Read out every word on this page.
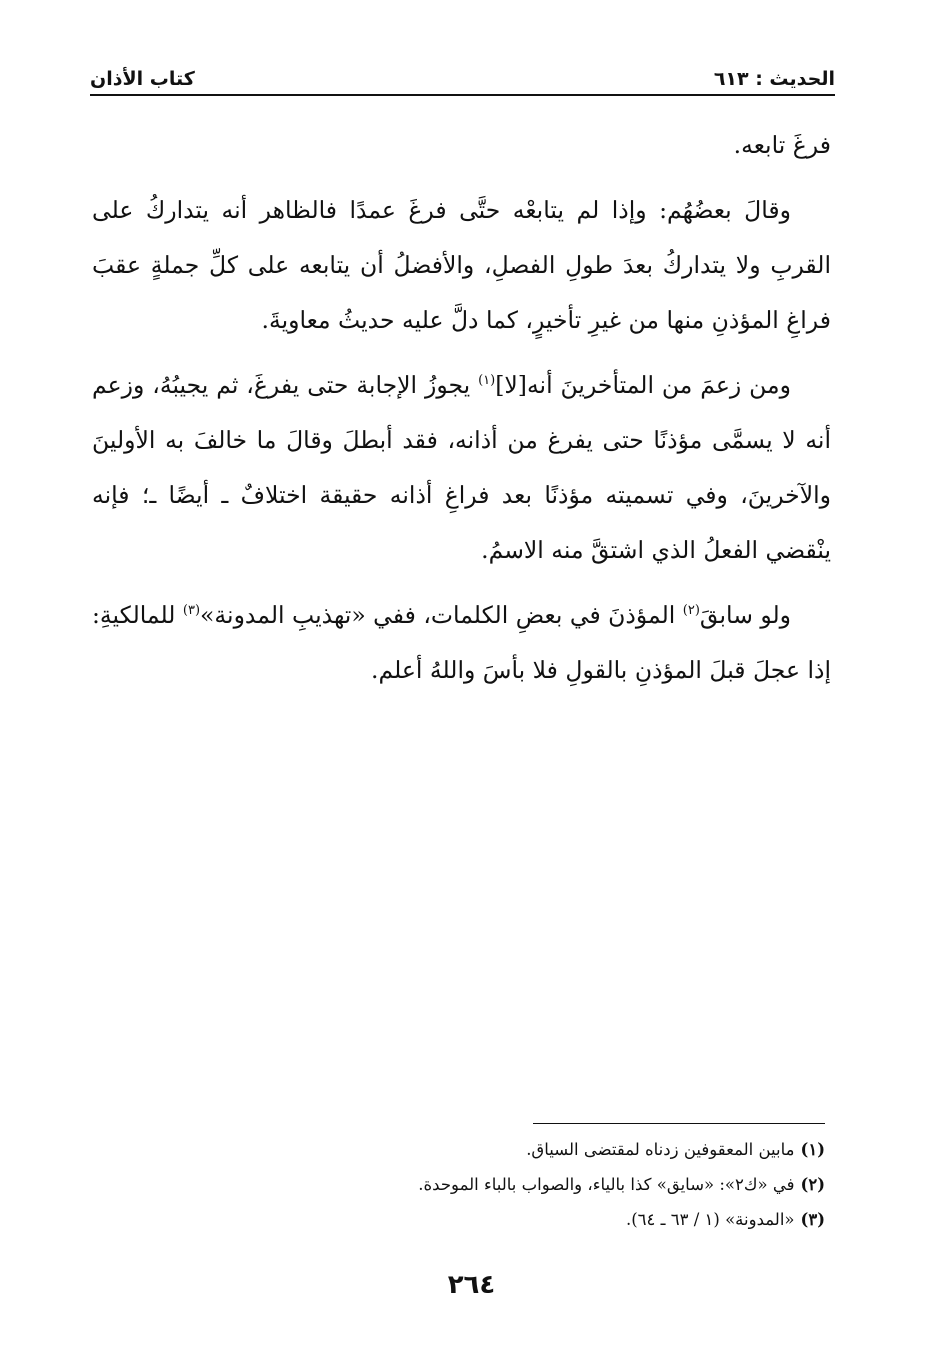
الحديث : ٦١٣
كتاب الأذان

فرغَ تابعه.

وقالَ بعضُهُم: وإذا لم يتابعْه حتَّى فرغَ عمدًا فالظاهر أنه يتداركُ على القربِ ولا يتداركُ بعدَ طولِ الفصلِ، والأفضلُ أن يتابعه على كلِّ جملةٍ عقبَ فراغِ المؤذنِ منها من غيرِ تأخيرٍ، كما دلَّ عليه حديثُ معاويةَ.

ومن زعمَ من المتأخرينَ أنه[لا]$^{(١)}$ يجوزُ الإجابة حتى يفرغَ، ثم يجيبُهُ، وزعم أنه لا يسمَّى مؤذنًا حتى يفرغ من أذانه، فقد أبطلَ وقالَ ما خالفَ به الأولينَ والآخرينَ، وفي تسميته مؤذنًا بعد فراغِ أذانه حقيقة اختلافٌ ـ أيضًا ـ؛ فإنه ينْقضي الفعلُ الذي اشتقَّ منه الاسمُ.

ولو سابقَ$^{(٢)}$ المؤذنَ في بعضِ الكلمات، ففي «تهذيبِ المدونة»$^{(٣)}$ للمالكيةِ: إذا عجلَ قبلَ المؤذنِ بالقولِ فلا بأسَ واللهُ أعلم.

(١)مابين المعقوفين زدناه لمقتضى السياق.
(٢)في «ك٢»: «سايق» كذا بالياء، والصواب بالباء الموحدة.
(٣)«المدونة» (١ / ٦٣ ـ ٦٤).
٢٦٤
